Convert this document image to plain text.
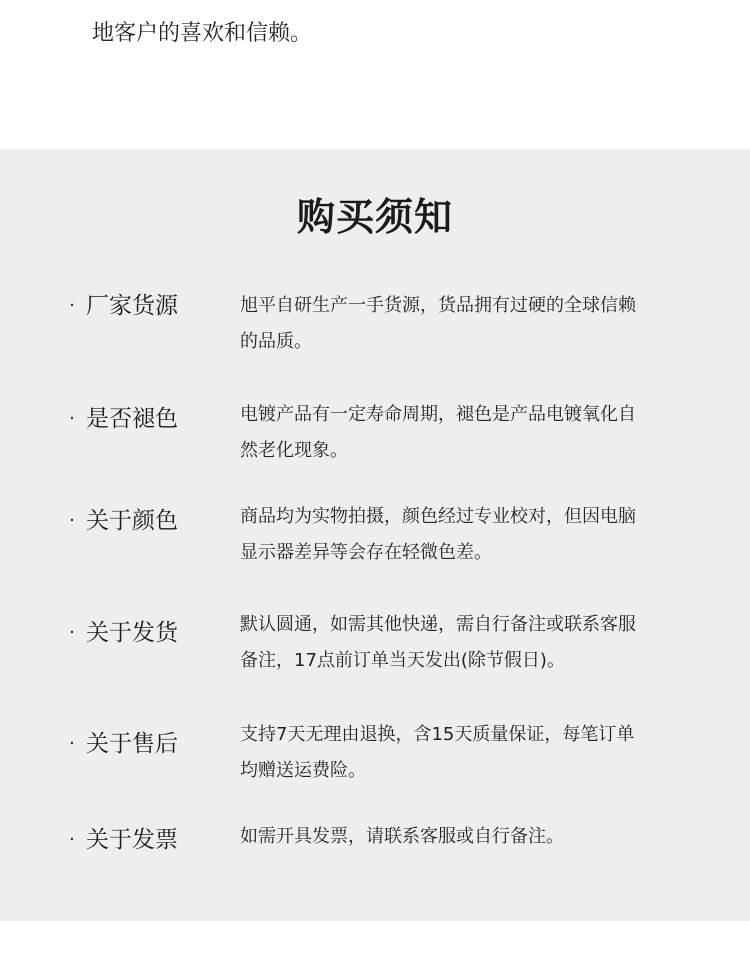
地客户的喜欢和信赖。

购买须知
· 厂家货源	旭平自研生产一手货源，货品拥有过硬的全球信赖的品质。

· 是否褪色	电镀产品有一定寿命周期，褪色是产品电镀氧化自然老化现象。

· 关于颜色	商品均为实物拍摄，颜色经过专业校对，但因电脑显示器差异等会存在轻微色差。

· 关于发货	默认圆通，如需其他快递，需自行备注或联系客服备注，17点前订单当天发出(除节假日)。

· 关于售后	支持7天无理由退换，含15天质量保证，每笔订单均赠送运费险。

· 关于发票	如需开具发票，请联系客服或自行备注。
